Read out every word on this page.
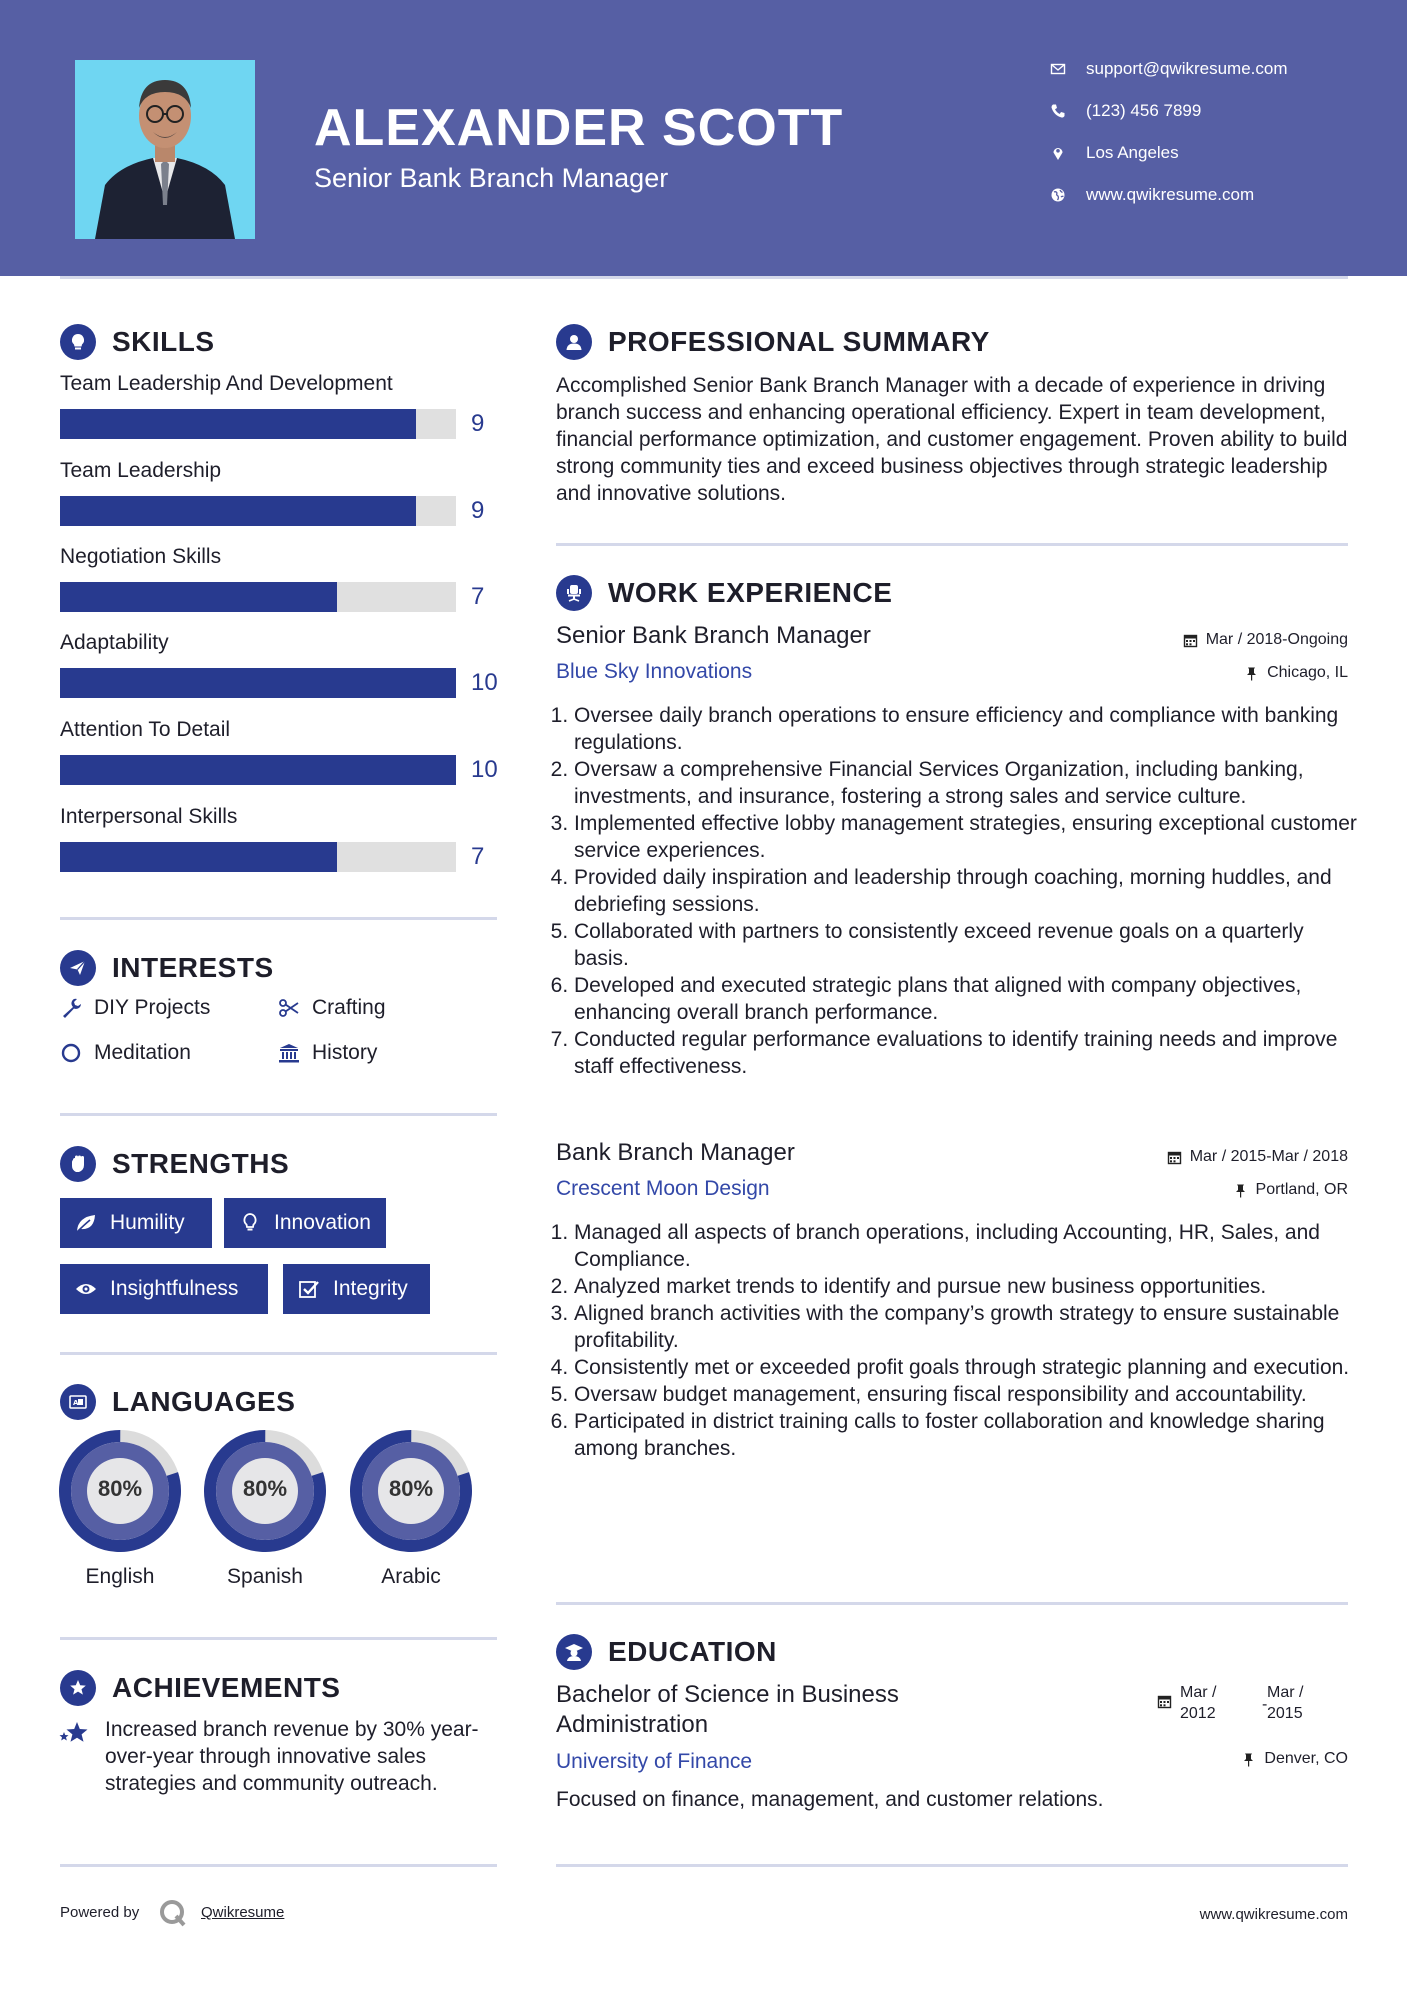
ALEXANDER SCOTT
Senior Bank Branch Manager
support@qwikresume.com
(123) 456 7899
Los Angeles
www.qwikresume.com
SKILLS
Team Leadership And Development
9
Team Leadership
9
Negotiation Skills
7
Adaptability
10
Attention To Detail
10
Interpersonal Skills
7
INTERESTS
DIY Projects	Crafting
Meditation	History
STRENGTHS
Humility	Innovation
Insightfulness	Integrity
A LANGUAGES
80%
English
80%
Spanish
80%
Arabic
ACHIEVEMENTS
Increased branch revenue by 30% year-over-year through innovative sales strategies and community outreach.
PROFESSIONAL SUMMARY
Accomplished Senior Bank Branch Manager with a decade of experience in driving branch success and enhancing operational efficiency. Expert in team development, financial performance optimization, and customer engagement. Proven ability to build strong community ties and exceed business objectives through strategic leadership and innovative solutions.
WORK EXPERIENCE
Senior Bank Branch Manager	Mar / 2018-Ongoing
Blue Sky Innovations	Chicago, IL
1. Oversee daily branch operations to ensure efficiency and compliance with banking regulations.
2. Oversaw a comprehensive Financial Services Organization, including banking, investments, and insurance, fostering a strong sales and service culture.
3. Implemented effective lobby management strategies, ensuring exceptional customer service experiences.
4. Provided daily inspiration and leadership through coaching, morning huddles, and debriefing sessions.
5. Collaborated with partners to consistently exceed revenue goals on a quarterly basis.
6. Developed and executed strategic plans that aligned with company objectives, enhancing overall branch performance.
7. Conducted regular performance evaluations to identify training needs and improve staff effectiveness.
Bank Branch Manager	Mar / 2015-Mar / 2018
Crescent Moon Design	Portland, OR
1. Managed all aspects of branch operations, including Accounting, HR, Sales, and Compliance.
2. Analyzed market trends to identify and pursue new business opportunities.
3. Aligned branch activities with the company’s growth strategy to ensure sustainable profitability.
4. Consistently met or exceeded profit goals through strategic planning and execution.
5. Oversaw budget management, ensuring fiscal responsibility and accountability.
6. Participated in district training calls to foster collaboration and knowledge sharing among branches.
EDUCATION
Bachelor of Science in Business Administration
Mar / 2012
-
Mar / 2015
University of Finance	Denver, CO
Focused on finance, management, and customer relations.
Powered by	Qwikresume	www.qwikresume.com
